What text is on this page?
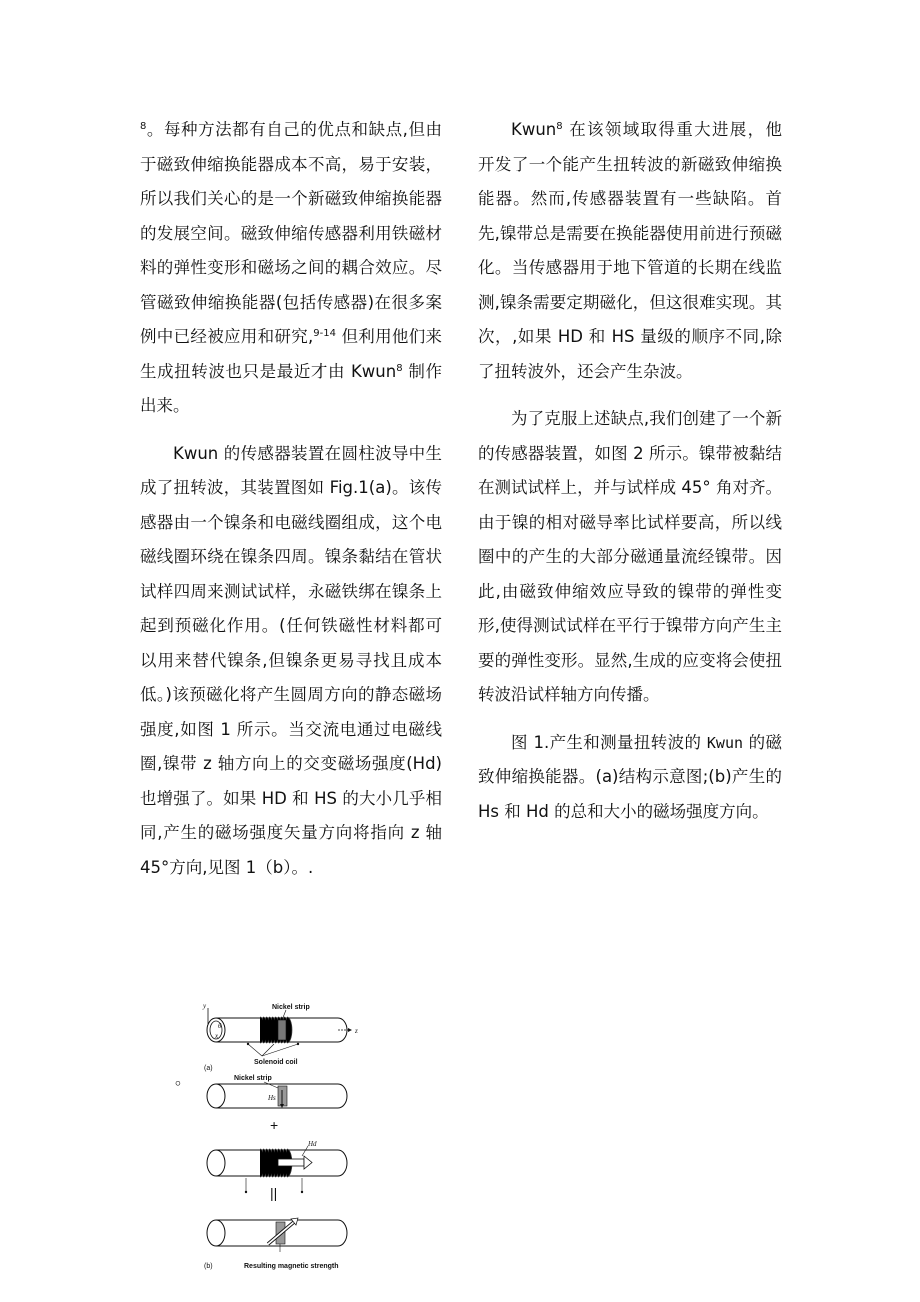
$^8$。每种方法都有自己的优点和缺点,但由于磁致伸缩换能器成本不高，易于安装，所以我们关心的是一个新磁致伸缩换能器的发展空间。磁致伸缩传感器利用铁磁材料的弹性变形和磁场之间的耦合效应。尽管磁致伸缩换能器(包括传感器)在很多案例中已经被应用和研究,$^{9-14}$ 但利用他们来生成扭转波也只是最近才由 Kwun$^8$ 制作出来。

Kwun 的传感器装置在圆柱波导中生成了扭转波，其装置图如 Fig.1(a)。该传感器由一个镍条和电磁线圈组成，这个电磁线圈环绕在镍条四周。镍条黏结在管状试样四周来测试试样，永磁铁绑在镍条上起到预磁化作用。(任何铁磁性材料都可以用来替代镍条,但镍条更易寻找且成本低。)该预磁化将产生圆周方向的静态磁场强度,如图 1 所示。当交流电通过电磁线圈,镍带 z 轴方向上的交变磁场强度(Hd)也增强了。如果 HD 和 HS 的大小几乎相同,产生的磁场强度矢量方向将指向 z 轴 45°方向,见图 1（b）。.

Kwun$^8$ 在该领域取得重大进展，他开发了一个能产生扭转波的新磁致伸缩换能器。然而,传感器装置有一些缺陷。首先,镍带总是需要在换能器使用前进行预磁化。当传感器用于地下管道的长期在线监测,镍条需要定期磁化，但这很难实现。其次，,如果 HD 和 HS 量级的顺序不同,除了扭转波外，还会产生杂波。

为了克服上述缺点,我们创建了一个新的传感器装置，如图 2 所示。镍带被黏结在测试试样上，并与试样成 45° 角对齐。由于镍的相对磁导率比试样要高，所以线圈中的产生的大部分磁通量流经镍带。因此,由磁致伸缩效应导致的镍带的弹性变形,使得测试试样在平行于镍带方向产生主要的弹性变形。显然,生成的应变将会使扭转波沿试样轴方向传播。

图 1.产生和测量扭转波的 Kwun 的磁致伸缩换能器。(a)结构示意图;(b)产生的 Hs 和 Hd 的总和大小的磁场强度方向。

。
y
x
θ
z
Nickel strip
Solenoid coil
(a)
Nickel strip
Hs
+
Hd
||
(b)	Resulting magnetic strength
